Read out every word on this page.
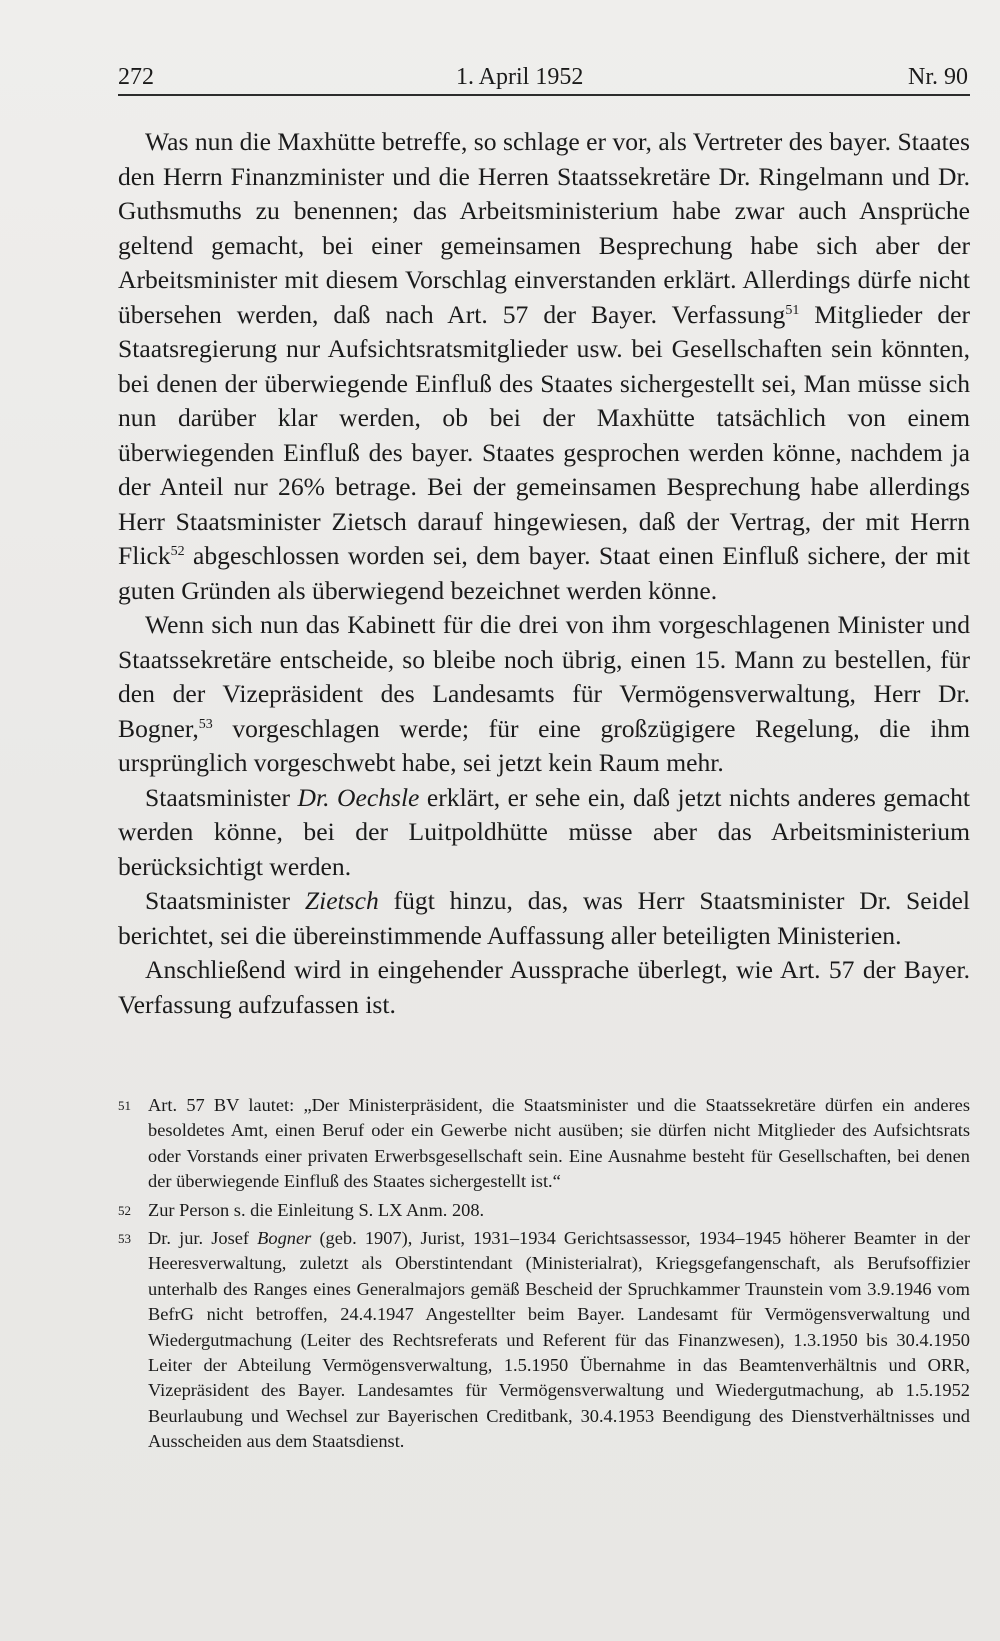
272	1. April 1952	Nr. 90

Was nun die Maxhütte betreffe, so schlage er vor, als Vertreter des bayer. Staates den Herrn Finanzminister und die Herren Staatssekretäre Dr. Ringelmann und Dr. Guthsmuths zu benennen; das Arbeitsministerium habe zwar auch Ansprüche geltend gemacht, bei einer gemeinsamen Besprechung habe sich aber der Arbeitsminister mit diesem Vorschlag einverstanden erklärt. Allerdings dürfe nicht übersehen werden, daß nach Art. 57 der Bayer. Verfassung$^{51}$ Mitglieder der Staatsregierung nur Aufsichtsratsmitglieder usw. bei Gesellschaften sein könnten, bei denen der überwiegende Einfluß des Staates sichergestellt sei, Man müsse sich nun darüber klar werden, ob bei der Maxhütte tatsächlich von einem überwiegenden Einfluß des bayer. Staates gesprochen werden könne, nachdem ja der Anteil nur 26% betrage. Bei der gemeinsamen Besprechung habe allerdings Herr Staatsminister Zietsch darauf hingewiesen, daß der Vertrag, der mit Herrn Flick$^{52}$ abgeschlossen worden sei, dem bayer. Staat einen Einfluß sichere, der mit guten Gründen als überwiegend bezeichnet werden könne.

Wenn sich nun das Kabinett für die drei von ihm vorgeschlagenen Minister und Staatssekretäre entscheide, so bleibe noch übrig, einen 15. Mann zu bestellen, für den der Vizepräsident des Landesamts für Vermögensverwaltung, Herr Dr. Bogner,$^{53}$ vorgeschlagen werde; für eine großzügigere Regelung, die ihm ursprünglich vorgeschwebt habe, sei jetzt kein Raum mehr.

Staatsminister Dr. Oechsle erklärt, er sehe ein, daß jetzt nichts anderes gemacht werden könne, bei der Luitpoldhütte müsse aber das Arbeitsministerium berücksichtigt werden.

Staatsminister Zietsch fügt hinzu, das, was Herr Staatsminister Dr. Seidel berichtet, sei die übereinstimmende Auffassung aller beteiligten Ministerien.

Anschließend wird in eingehender Aussprache überlegt, wie Art. 57 der Bayer. Verfassung aufzufassen ist.

51 Art. 57 BV lautet: „Der Ministerpräsident, die Staatsminister und die Staatssekretäre dürfen ein anderes besoldetes Amt, einen Beruf oder ein Gewerbe nicht ausüben; sie dürfen nicht Mitglieder des Aufsichtsrats oder Vorstands einer privaten Erwerbsgesellschaft sein. Eine Ausnahme besteht für Gesellschaften, bei denen der überwiegende Einfluß des Staates sichergestellt ist.“
52 Zur Person s. die Einleitung S. LX Anm. 208.
53 Dr. jur. Josef Bogner (geb. 1907), Jurist, 1931–1934 Gerichtsassessor, 1934–1945 höherer Beamter in der Heeresverwaltung, zuletzt als Oberstintendant (Ministerialrat), Kriegsgefangenschaft, als Berufsoffizier unterhalb des Ranges eines Generalmajors gemäß Bescheid der Spruchkammer Traunstein vom 3.9.1946 vom BefrG nicht betroffen, 24.4.1947 Angestellter beim Bayer. Landesamt für Vermögensverwaltung und Wiedergutmachung (Leiter des Rechtsreferats und Referent für das Finanzwesen), 1.3.1950 bis 30.4.1950 Leiter der Abteilung Vermögensverwaltung, 1.5.1950 Übernahme in das Beamtenverhältnis und ORR, Vizepräsident des Bayer. Landesamtes für Vermögensverwaltung und Wiedergutmachung, ab 1.5.1952 Beurlaubung und Wechsel zur Bayerischen Creditbank, 30.4.1953 Beendigung des Dienstverhältnisses und Ausscheiden aus dem Staatsdienst.
